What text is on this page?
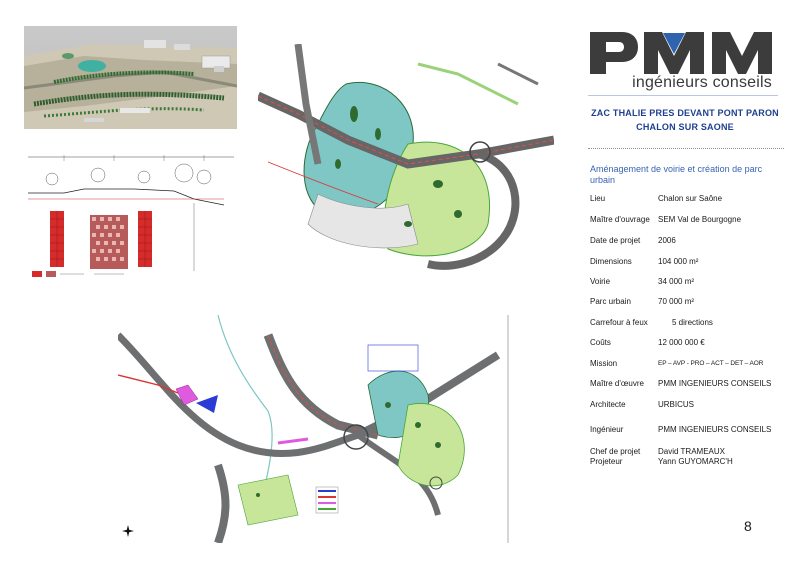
ingénieurs conseils
ZAC THALIE PRES DEVANT PONT PARON
CHALON SUR SAONE
Aménagement de voirie et création de parc urbain
Lieu	Chalon sur Saône
Maître d'ouvrage SEM Val de Bourgogne
Date de projet 2006
Dimensions	104 000 m²
Voirie	34 000 m²
Parc urbain	70 000 m²
Carrefour à feux	5 directions
Coûts	12 000 000 €
Mission	EP – AVP - PRO – ACT – DET – AOR
Maître d'œuvre PMM INGENIEURS CONSEILS
Architecte	URBICUS
Ingénieur	PMM INGENIEURS CONSEILS
Chef de projet David TRAMEAUX
Projeteur	Yann GUYOMARC'H
8
